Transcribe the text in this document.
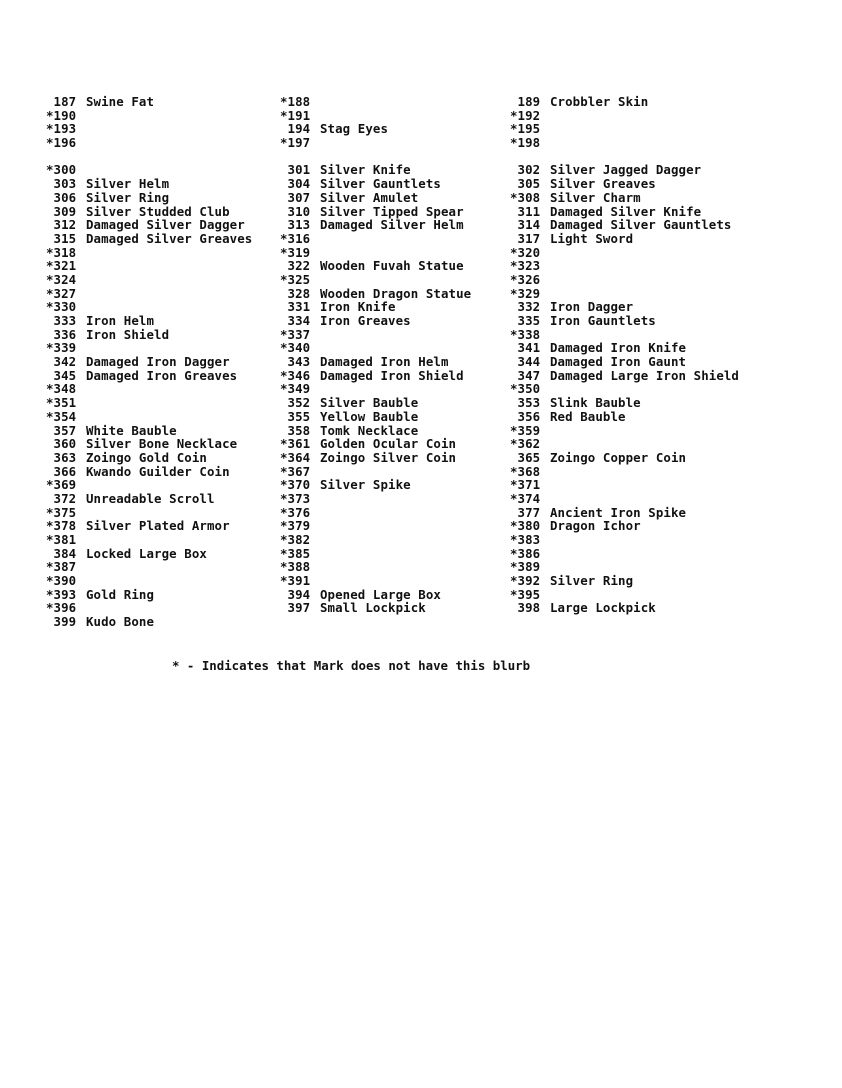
187 Swine Fat
*190
*193
*196
*300
303 Silver Helm
306 Silver Ring
309 Silver Studded Club
312 Damaged Silver Dagger
315 Damaged Silver Greaves
*318
*321
*324
*327
*330
333 Iron Helm
336 Iron Shield
*339
342 Damaged Iron Dagger
345 Damaged Iron Greaves
*348
*351
*354
357 White Bauble
360 Silver Bone Necklace
363 Zoingo Gold Coin
366 Kwando Guilder Coin
*369
372 Unreadable Scroll
*375
*378 Silver Plated Armor
*381
384 Locked Large Box
*387
*390
*393 Gold Ring
*396
399 Kudo Bone
*188
*191
194 Stag Eyes
*197
301 Silver Knife
304 Silver Gauntlets
307 Silver Amulet
310 Silver Tipped Spear
313 Damaged Silver Helm
*316
*319
322 Wooden Fuvah Statue
*325
328 Wooden Dragon Statue
331 Iron Knife
334 Iron Greaves
*337
*340
343 Damaged Iron Helm
*346 Damaged Iron Shield
*349
352 Silver Bauble
355 Yellow Bauble
358 Tomk Necklace
*361 Golden Ocular Coin
*364 Zoingo Silver Coin
*367
*370 Silver Spike
*373
*376
*379
*382
*385
*388
*391
394 Opened Large Box
397 Small Lockpick
189 Crobbler Skin
*192
*195
*198
302 Silver Jagged Dagger
305 Silver Greaves
*308 Silver Charm
311 Damaged Silver Knife
314 Damaged Silver Gauntlets
317 Light Sword
*320
*323
*326
*329
332 Iron Dagger
335 Iron Gauntlets
*338
341 Damaged Iron Knife
344 Damaged Iron Gaunt
347 Damaged Large Iron Shield
*350
353 Slink Bauble
356 Red Bauble
*359
*362
365 Zoingo Copper Coin
*368
*371
*374
377 Ancient Iron Spike
*380 Dragon Ichor
*383
*386
*389
*392 Silver Ring
*395
398 Large Lockpick
* - Indicates that Mark does not have this blurb
